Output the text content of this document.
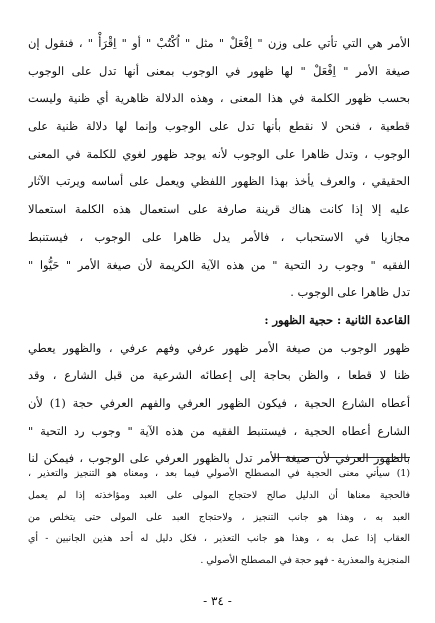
الأمر هي التي تأتي على وزن " اِفْعَلْ " مثل " اُكْتُبْ " أو " اِقْرَأْ " ، فنقول إن
صيغة الأمر " اِفْعَلْ " لها ظهور في الوجوب بمعنى أنها تدل على الوجوب
بحسب ظهور الكلمة في هذا المعنى ، وهذه الدلالة ظاهرية أي ظنية وليست
قطعية ، فنحن لا نقطع بأنها تدل على الوجوب وإنما لها دلالة ظنية على
الوجوب ، وتدل ظاهرا على الوجوب لأنه يوجد ظهور لغوي للكلمة في المعنى
الحقيقي ، والعرف يأخذ بهذا الظهور اللفظي ويعمل على أساسه ويرتب الآثار
عليه إلا إذا كانت هناك قرينة صارفة على استعمال هذه الكلمة استعمالا
مجازيا في الاستحباب ، فالأمر يدل ظاهرا على الوجوب ، فيستنبط
الفقيه " وجوب رد التحية " من هذه الآية الكريمة لأن صيغة الأمر " حَيُّوا "
تدل ظاهرا على الوجوب .
القاعدة الثانية : حجية الظهور :
ظهور الوجوب من صيغة الأمر ظهور عرفي وفهم عرفي ، والظهور يعطي
ظنا لا قطعا ، والظن بحاجة إلى إعطائه الشرعية من قبل الشارع ، وقد
أعطاه الشارع الحجية ، فيكون الظهور العرفي والفهم العرفي حجة (1) لأن
الشارع أعطاه الحجية ، فيستنبط الفقيه من هذه الآية " وجوب رد التحية "
بالظهور العرفي لأن صيغة الأمر تدل بالظهور العرفي على الوجوب ، فيمكن لنا
(1) سيأتي معنى الحجية في المصطلح الأصولي فيما بعد ، ومعناه هو التنجيز والتعذير ،
فالحجية معناها أن الدليل صالح لاحتجاج المولى على العبد ومؤاخذته إذا لم يعمل
العبد به ، وهذا هو جانب التنجيز ، ولاحتجاج العبد على المولى حتى يتخلص من
العقاب إذا عمل به ، وهذا هو جانب التعذير ، فكل دليل له أحد هذين الجانبين - أي
المنجزية والمعذرية - فهو حجة في المصطلح الأصولي .
- ٣٤ -
